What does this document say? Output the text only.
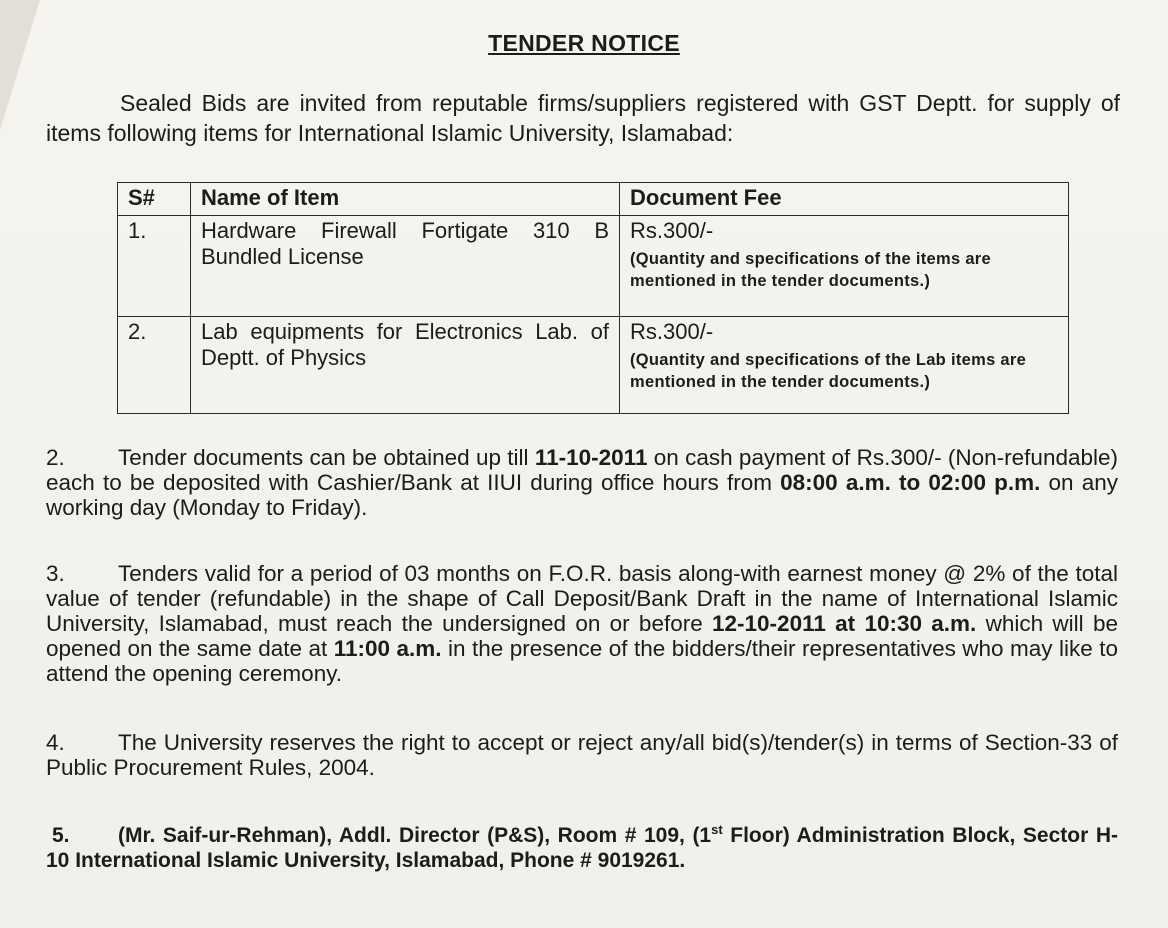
TENDER NOTICE
Sealed Bids are invited from reputable firms/suppliers registered with GST Deptt. for supply of items following items for International Islamic University, Islamabad:
S#	Name of Item	Document Fee
1.	Hardware Firewall Fortigate 310 B Bundled License	Rs.300/-
(Quantity and specifications of the items are mentioned in the tender documents.)

2.	Lab equipments for Electronics Lab. of Deptt. of Physics	Rs.300/-
(Quantity and specifications of the Lab items are mentioned in the tender documents.)
2. Tender documents can be obtained up till 11-10-2011 on cash payment of Rs.300/- (Non-refundable) each to be deposited with Cashier/Bank at IIUI during office hours from 08:00 a.m. to 02:00 p.m. on any working day (Monday to Friday).
3. Tenders valid for a period of 03 months on F.O.R. basis along-with earnest money @ 2% of the total value of tender (refundable) in the shape of Call Deposit/Bank Draft in the name of International Islamic University, Islamabad, must reach the undersigned on or before 12-10-2011 at 10:30 a.m. which will be opened on the same date at 11:00 a.m. in the presence of the bidders/their representatives who may like to attend the opening ceremony.
4. The University reserves the right to accept or reject any/all bid(s)/tender(s) in terms of Section-33 of Public Procurement Rules, 2004.
5. (Mr. Saif-ur-Rehman), Addl. Director (P&S), Room # 109, (1st Floor) Administration Block, Sector H-10 International Islamic University, Islamabad, Phone # 9019261.
